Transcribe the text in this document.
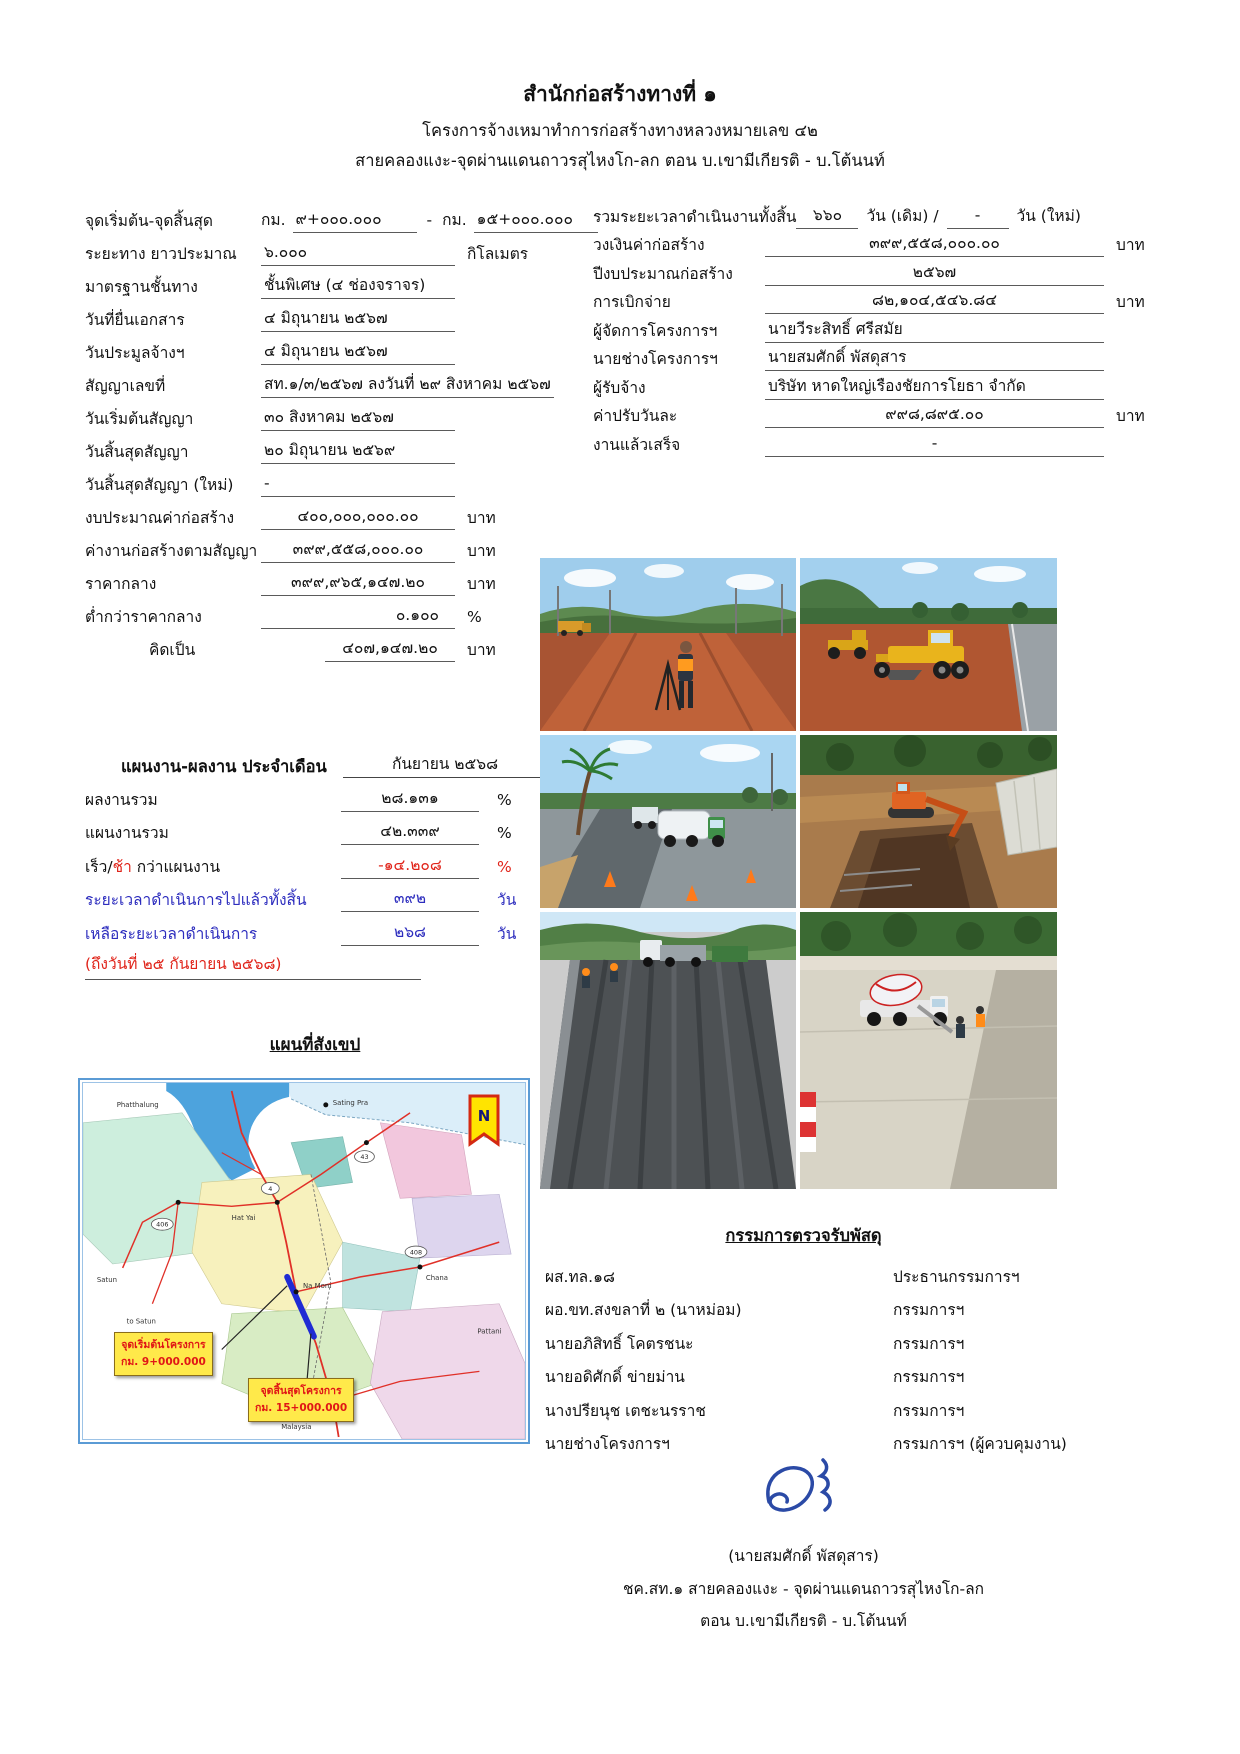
สำนักก่อสร้างทางที่ ๑
โครงการจ้างเหมาทำการก่อสร้างทางหลวงหมายเลข ๔๒
สายคลองแงะ-จุดผ่านแดนถาวรสุไหงโก-ลก ตอน บ.เขามีเกียรติ - บ.โต้นนท์
จุดเริ่มต้น-จุดสิ้นสุด	กม. ๙+๐๐๐.๐๐๐	- กม. ๑๕+๐๐๐.๐๐๐
ระยะทาง ยาวประมาณ	๖.๐๐๐	กิโลเมตร
มาตรฐานชั้นทาง	ชั้นพิเศษ (๔ ช่องจราจร)
วันที่ยื่นเอกสาร	๔ มิถุนายน ๒๕๖๗
วันประมูลจ้างฯ	๔ มิถุนายน ๒๕๖๗
สัญญาเลขที่	สท.๑/๓/๒๕๖๗ ลงวันที่ ๒๙ สิงหาคม ๒๕๖๗
วันเริ่มต้นสัญญา	๓๐ สิงหาคม ๒๕๖๗
วันสิ้นสุดสัญญา	๒๐ มิถุนายน ๒๕๖๙
วันสิ้นสุดสัญญา (ใหม่)	-
งบประมาณค่าก่อสร้าง	๔๐๐,๐๐๐,๐๐๐.๐๐	บาท
ค่างานก่อสร้างตามสัญญา	๓๙๙,๕๕๘,๐๐๐.๐๐	บาท
ราคากลาง	๓๙๙,๙๖๕,๑๔๗.๒๐	บาท
ต่ำกว่าราคากลาง	๐.๑๐๐	%
คิดเป็น	๔๐๗,๑๔๗.๒๐	บาท
รวมระยะเวลาดำเนินงานทั้งสิ้น	๖๖๐	วัน (เดิม) /	-	วัน (ใหม่)
วงเงินค่าก่อสร้าง	๓๙๙,๕๕๘,๐๐๐.๐๐	บาท
ปีงบประมาณก่อสร้าง	๒๕๖๗
การเบิกจ่าย	๘๒,๑๐๔,๕๔๖.๘๔	บาท
ผู้จัดการโครงการฯ	นายวีระสิทธิ์ ศรีสมัย
นายช่างโครงการฯ	นายสมศักดิ์ พัสดุสาร
ผู้รับจ้าง	บริษัท หาดใหญ่เรืองชัยการโยธา จำกัด
ค่าปรับวันละ	๙๙๘,๘๙๕.๐๐	บาท
งานแล้วเสร็จ	-
แผนงาน-ผลงาน ประจำเดือน	กันยายน ๒๕๖๘
ผลงานรวม	๒๘.๑๓๑	%
แผนงานรวม	๔๒.๓๓๙	%
เร็ว/ช้า กว่าแผนงาน	-๑๔.๒๐๘	%
ระยะเวลาดำเนินการไปแล้วทั้งสิ้น	๓๙๒	วัน
เหลือระยะเวลาดำเนินการ	๒๖๘	วัน
(ถึงวันที่ ๒๕ กันยายน ๒๕๖๘)
แผนที่สังเขป
4
43
406
408
Phatthalung	Sating Pra
Satun
to Satun
Hat Yai
Na Mom
Chana
Pattani
Malaysia
N
จุดเริ่มต้นโครงการ
กม. 9+000.000
จุดสิ้นสุดโครงการ
กม. 15+000.000
กรรมการตรวจรับพัสดุ
ผส.ทล.๑๘	ประธานกรรมการฯ
ผอ.ขท.สงขลาที่ ๒ (นาหม่อม)	กรรมการฯ
นายอภิสิทธิ์ โคตรชนะ	กรรมการฯ
นายอดิศักดิ์ ข่ายม่าน	กรรมการฯ
นางปรียนุช เตชะนรราช	กรรมการฯ
นายช่างโครงการฯ	กรรมการฯ (ผู้ควบคุมงาน)
(นายสมศักดิ์ พัสดุสาร)
ชค.สท.๑ สายคลองแงะ - จุดผ่านแดนถาวรสุไหงโก-ลก
ตอน บ.เขามีเกียรติ - บ.โต้นนท์
